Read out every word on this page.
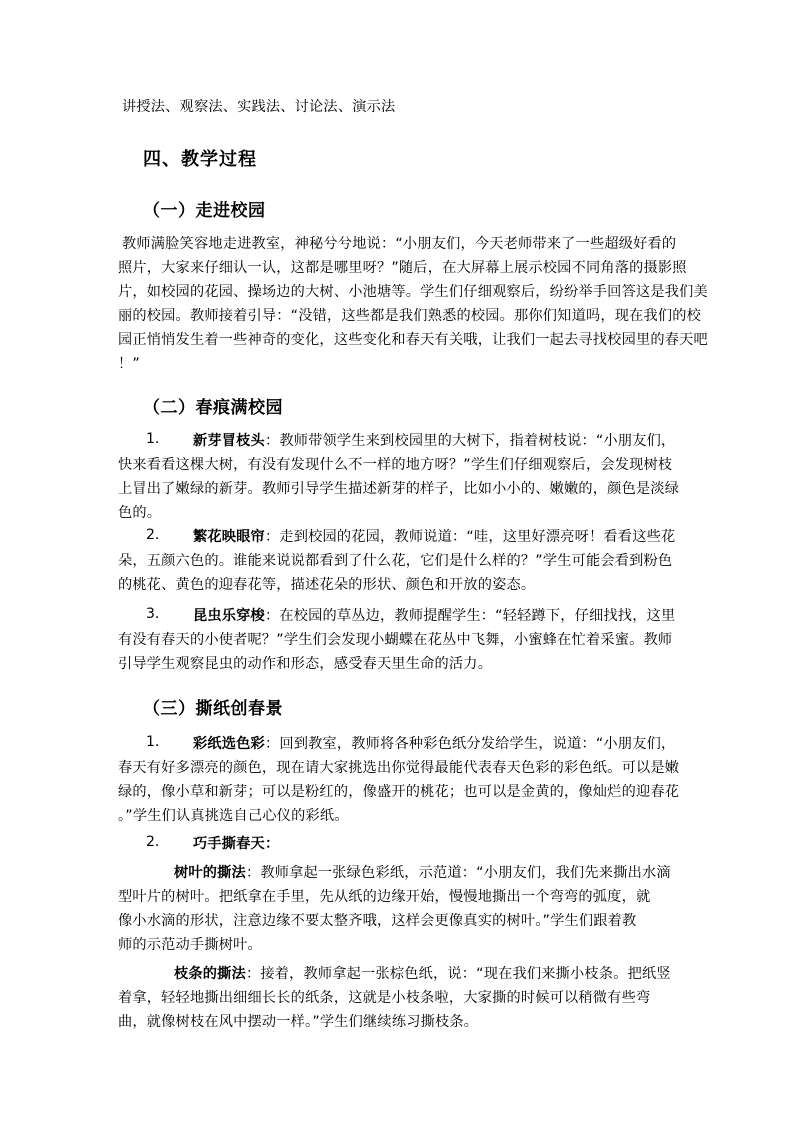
讲授法、观察法、实践法、讨论法、演示法
四、教学过程
（一）走进校园
教师满脸笑容地走进教室，神秘兮兮地说：“小朋友们，今天老师带来了一些超级好看的
照片，大家来仔细认一认，这都是哪里呀？”随后，在大屏幕上展示校园不同角落的摄影照
片，如校园的花园、操场边的大树、小池塘等。学生们仔细观察后，纷纷举手回答这是我们美
丽的校园。教师接着引导：“没错，这些都是我们熟悉的校园。那你们知道吗，现在我们的校
园正悄悄发生着一些神奇的变化，这些变化和春天有关哦，让我们一起去寻找校园里的春天吧
！”
（二）春痕满校园
1. 新芽冒枝头：教师带领学生来到校园里的大树下，指着树枝说：“小朋友们，
快来看看这棵大树，有没有发现什么不一样的地方呀？”学生们仔细观察后，会发现树枝
上冒出了嫩绿的新芽。教师引导学生描述新芽的样子，比如小小的、嫩嫩的，颜色是淡绿
色的。
2. 繁花映眼帘：走到校园的花园，教师说道：“哇，这里好漂亮呀！看看这些花
朵，五颜六色的。谁能来说说都看到了什么花，它们是什么样的？”学生可能会看到粉色
的桃花、黄色的迎春花等，描述花朵的形状、颜色和开放的姿态。
3. 昆虫乐穿梭：在校园的草丛边，教师提醒学生：“轻轻蹲下，仔细找找，这里
有没有春天的小使者呢？”学生们会发现小蝴蝶在花丛中飞舞，小蜜蜂在忙着采蜜。教师
引导学生观察昆虫的动作和形态，感受春天里生命的活力。
（三）撕纸创春景
1. 彩纸选色彩：回到教室，教师将各种彩色纸分发给学生，说道：“小朋友们，
春天有好多漂亮的颜色，现在请大家挑选出你觉得最能代表春天色彩的彩色纸。可以是嫩
绿的，像小草和新芽；可以是粉红的，像盛开的桃花；也可以是金黄的，像灿烂的迎春花
。”学生们认真挑选自己心仪的彩纸。
2. 巧手撕春天：
树叶的撕法：教师拿起一张绿色彩纸，示范道：“小朋友们，我们先来撕出水滴
型叶片的树叶。把纸拿在手里，先从纸的边缘开始，慢慢地撕出一个弯弯的弧度，就
像小水滴的形状，注意边缘不要太整齐哦，这样会更像真实的树叶。”学生们跟着教
师的示范动手撕树叶。
枝条的撕法：接着，教师拿起一张棕色纸，说：“现在我们来撕小枝条。把纸竖
着拿，轻轻地撕出细细长长的纸条，这就是小枝条啦，大家撕的时候可以稍微有些弯
曲，就像树枝在风中摆动一样。”学生们继续练习撕枝条。
